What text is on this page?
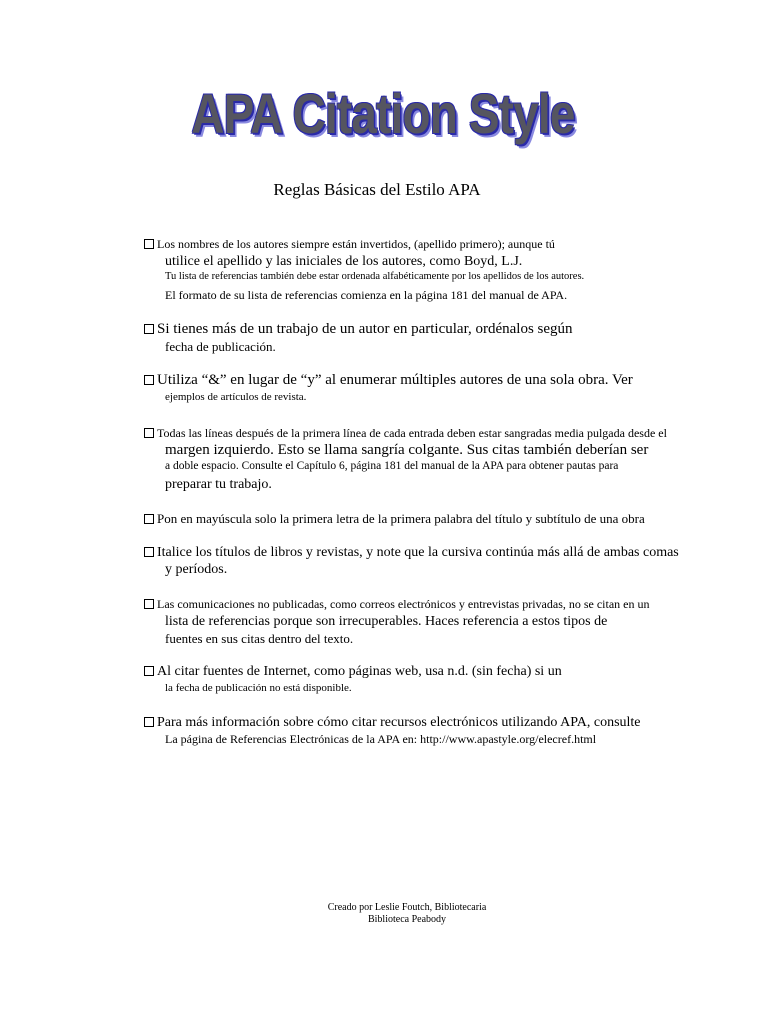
APA Citation Style

Reglas Básicas del Estilo APA

Los nombres de los autores siempre están invertidos, (apellido primero); aunque tú
utilice el apellido y las iniciales de los autores, como Boyd, L.J.
Tu lista de referencias también debe estar ordenada alfabéticamente por los apellidos de los autores.
El formato de su lista de referencias comienza en la página 181 del manual de APA.
Si tienes más de un trabajo de un autor en particular, ordénalos según
fecha de publicación.
Utiliza “&” en lugar de “y” al enumerar múltiples autores de una sola obra. Ver
ejemplos de artículos de revista.
Todas las líneas después de la primera línea de cada entrada deben estar sangradas media pulgada desde el
margen izquierdo. Esto se llama sangría colgante. Sus citas también deberían ser
a doble espacio. Consulte el Capítulo 6, página 181 del manual de la APA para obtener pautas para
preparar tu trabajo.
Pon en mayúscula solo la primera letra de la primera palabra del título y subtítulo de una obra
Italice los títulos de libros y revistas, y note que la cursiva continúa más allá de ambas comas
y períodos.
Las comunicaciones no publicadas, como correos electrónicos y entrevistas privadas, no se citan en un
lista de referencias porque son irrecuperables. Haces referencia a estos tipos de
fuentes en sus citas dentro del texto.
Al citar fuentes de Internet, como páginas web, usa n.d. (sin fecha) si un
la fecha de publicación no está disponible.
Para más información sobre cómo citar recursos electrónicos utilizando APA, consulte
La página de Referencias Electrónicas de la APA en: http://www.apastyle.org/elecref.html
Creado por Leslie Foutch, Bibliotecaria
Biblioteca Peabody
